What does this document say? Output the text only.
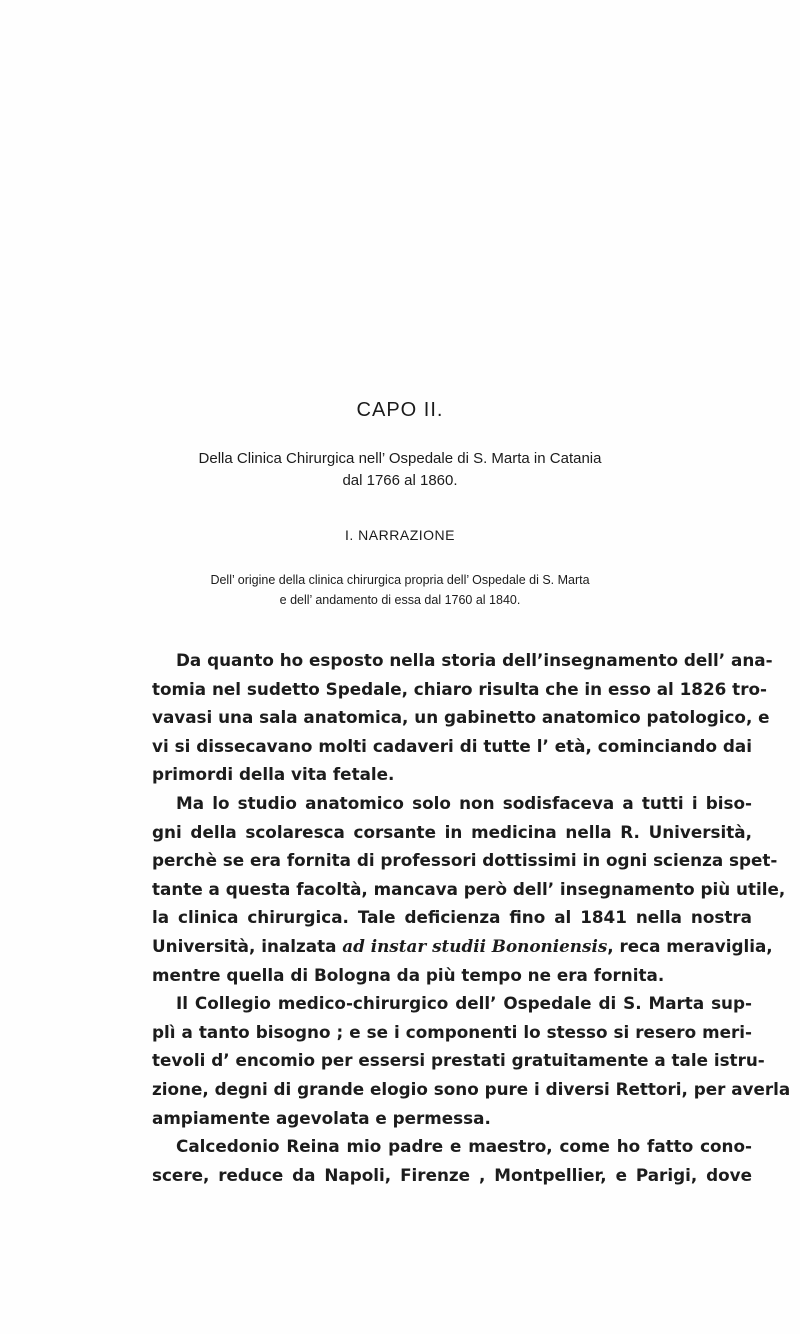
CAPO II.
Della Clinica Chirurgica nell’ Ospedale di S. Marta in Catania
dal 1766 al 1860.
I. NARRAZIONE
Dell’ origine della clinica chirurgica propria dell’ Ospedale di S. Marta
e dell’ andamento di essa dal 1760 al 1840.
Da quanto ho esposto nella storia dell’insegnamento dell’ ana-
tomia nel sudetto Spedale, chiaro risulta che in esso al 1826 tro-
vavasi una sala anatomica, un gabinetto anatomico patologico, e
vi si dissecavano molti cadaveri di tutte l’ età, cominciando dai
primordi della vita fetale.
Ma lo studio anatomico solo non sodisfaceva a tutti i biso-
gni della scolaresca corsante in medicina nella R. Università,
perchè se era fornita di professori dottissimi in ogni scienza spet-
tante a questa facoltà, mancava però dell’ insegnamento più utile,
la clinica chirurgica. Tale deficienza fino al 1841 nella nostra
Università, inalzata ad instar studii Bononiensis, reca meraviglia,
mentre quella di Bologna da più tempo ne era fornita.
Il Collegio medico-chirurgico dell’ Ospedale di S. Marta sup-
plì a tanto bisogno ; e se i componenti lo stesso si resero meri-
tevoli d’ encomio per essersi prestati gratuitamente a tale istru-
zione, degni di grande elogio sono pure i diversi Rettori, per averla
ampiamente agevolata e permessa.
Calcedonio Reina mio padre e maestro, come ho fatto cono-
scere, reduce da Napoli, Firenze , Montpellier, e Parigi, dove
